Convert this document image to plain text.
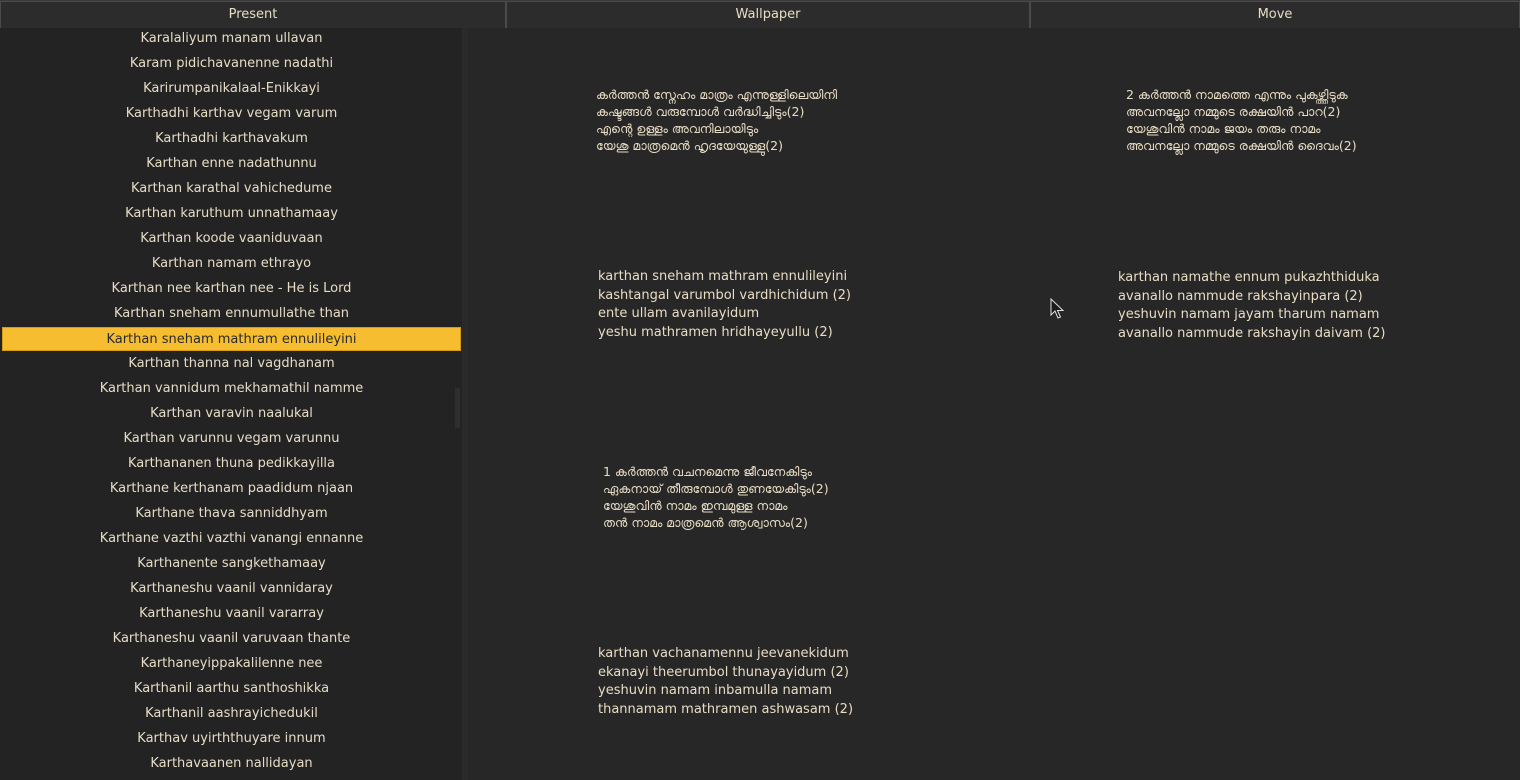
Present	Wallpaper	Move
Karalaliyum manam ullavan
Karam pidichavanenne nadathi
Karirumpanikalaal-Enikkayi
Karthadhi karthav vegam varum
Karthadhi karthavakum
Karthan enne nadathunnu
Karthan karathal vahichedume
Karthan karuthum unnathamaay
Karthan koode vaaniduvaan
Karthan namam ethrayo
Karthan nee karthan nee - He is Lord
Karthan sneham ennumullathe than
Karthan sneham mathram ennulileyini
Karthan thanna nal vagdhanam
Karthan vannidum mekhamathil namme
Karthan varavin naalukal
Karthan varunnu vegam varunnu
Karthananen thuna pedikkayilla
Karthane kerthanam paadidum njaan
Karthane thava sanniddhyam
Karthane vazthi vazthi vanangi ennanne
Karthanente sangkethamaay
Karthaneshu vaanil vannidaray
Karthaneshu vaanil vararray
Karthaneshu vaanil varuvaan thante
Karthaneyippakalilenne nee
Karthanil aarthu santhoshikka
Karthanil aashrayichedukil
Karthav uyirththuyare innum
Karthavaanen nallidayan
കർത്തൻ സ്നേഹം മാത്രം എന്നുള്ളിലെയിനി
കഷ്ടങ്ങൾ വരുമ്പോൾ വർദ്ധിച്ചിടും(2)
എന്റെ ഉള്ളം അവനിലായിടും
യേശു മാത്രമെൻ ഹൃദയേയുള്ളു(2)
karthan sneham mathram ennulileyini
kashtangal varumbol vardhichidum (2)
ente ullam avanilayidum
yeshu mathramen hridhayeyullu (2)
2 കർത്തൻ നാമത്തെ എന്നും പുകഴ്ത്തിടുക
അവനല്ലോ നമ്മുടെ രക്ഷയിൻ പാറ(2)
യേശുവിൻ നാമം ജയം തരും നാമം
അവനല്ലോ നമ്മുടെ രക്ഷയിൻ ദൈവം(2)
karthan namathe ennum pukazhthiduka
avanallo nammude rakshayinpara (2)
yeshuvin namam jayam tharum namam
avanallo nammude rakshayin daivam (2)
1 കർത്തൻ വചനമെന്നു ജീവനേകിടും
ഏകനായ് തീരുമ്പോൾ തുണയേകിടും(2)
യേശുവിൻ നാമം ഇമ്പമുള്ള നാമം
തൻ നാമം മാത്രമെൻ ആശ്വാസം(2)
karthan vachanamennu jeevanekidum
ekanayi theerumbol thunayayidum (2)
yeshuvin namam inbamulla namam
thannamam mathramen ashwasam (2)
